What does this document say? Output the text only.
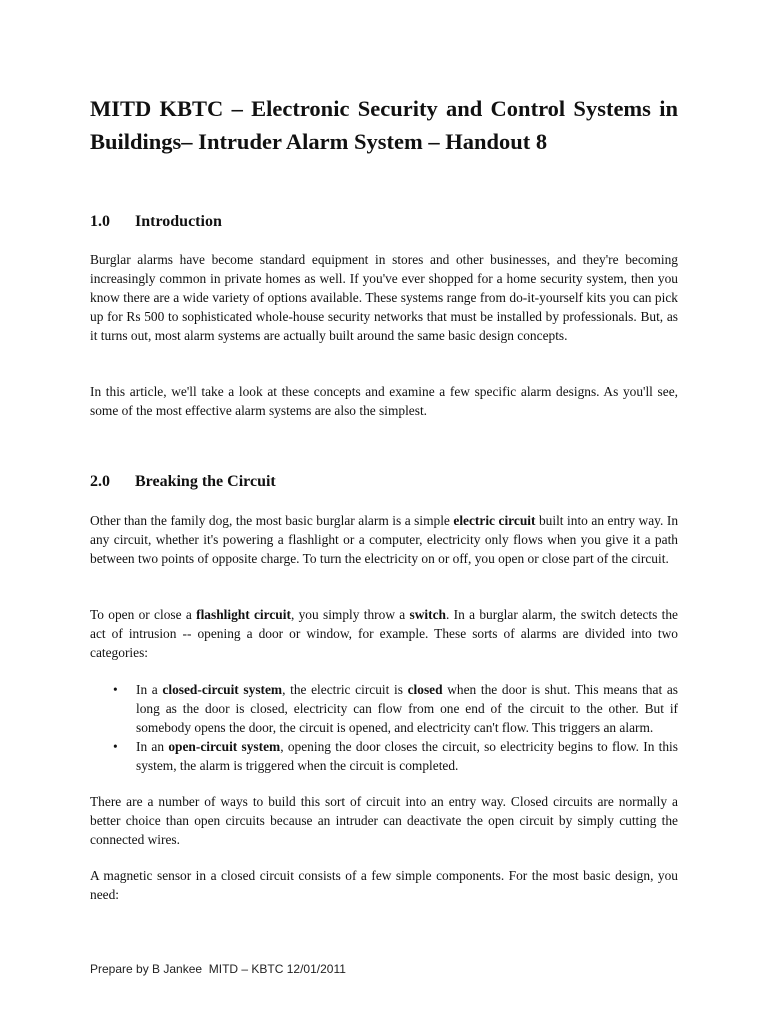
MITD KBTC – Electronic Security and Control Systems in Buildings– Intruder Alarm System – Handout 8
1.0 Introduction

Burglar alarms have become standard equipment in stores and other businesses, and they're becoming increasingly common in private homes as well. If you've ever shopped for a home security system, then you know there are a wide variety of options available. These systems range from do-it-yourself kits you can pick up for Rs 500 to sophisticated whole-house security networks that must be installed by professionals. But, as it turns out, most alarm systems are actually built around the same basic design concepts.

In this article, we'll take a look at these concepts and examine a few specific alarm designs. As you'll see, some of the most effective alarm systems are also the simplest.

2.0 Breaking the Circuit

Other than the family dog, the most basic burglar alarm is a simple electric circuit built into an entry way. In any circuit, whether it's powering a flashlight or a computer, electricity only flows when you give it a path between two points of opposite charge. To turn the electricity on or off, you open or close part of the circuit.

To open or close a flashlight circuit, you simply throw a switch. In a burglar alarm, the switch detects the act of intrusion -- opening a door or window, for example. These sorts of alarms are divided into two categories:

• In a closed-circuit system, the electric circuit is closed when the door is shut. This means that as long as the door is closed, electricity can flow from one end of the circuit to the other. But if somebody opens the door, the circuit is opened, and electricity can't flow. This triggers an alarm.
• In an open-circuit system, opening the door closes the circuit, so electricity begins to flow. In this system, the alarm is triggered when the circuit is completed.

There are a number of ways to build this sort of circuit into an entry way. Closed circuits are normally a better choice than open circuits because an intruder can deactivate the open circuit by simply cutting the connected wires.

A magnetic sensor in a closed circuit consists of a few simple components. For the most basic design, you need:

Prepare by B Jankee  MITD – KBTC 12/01/2011
